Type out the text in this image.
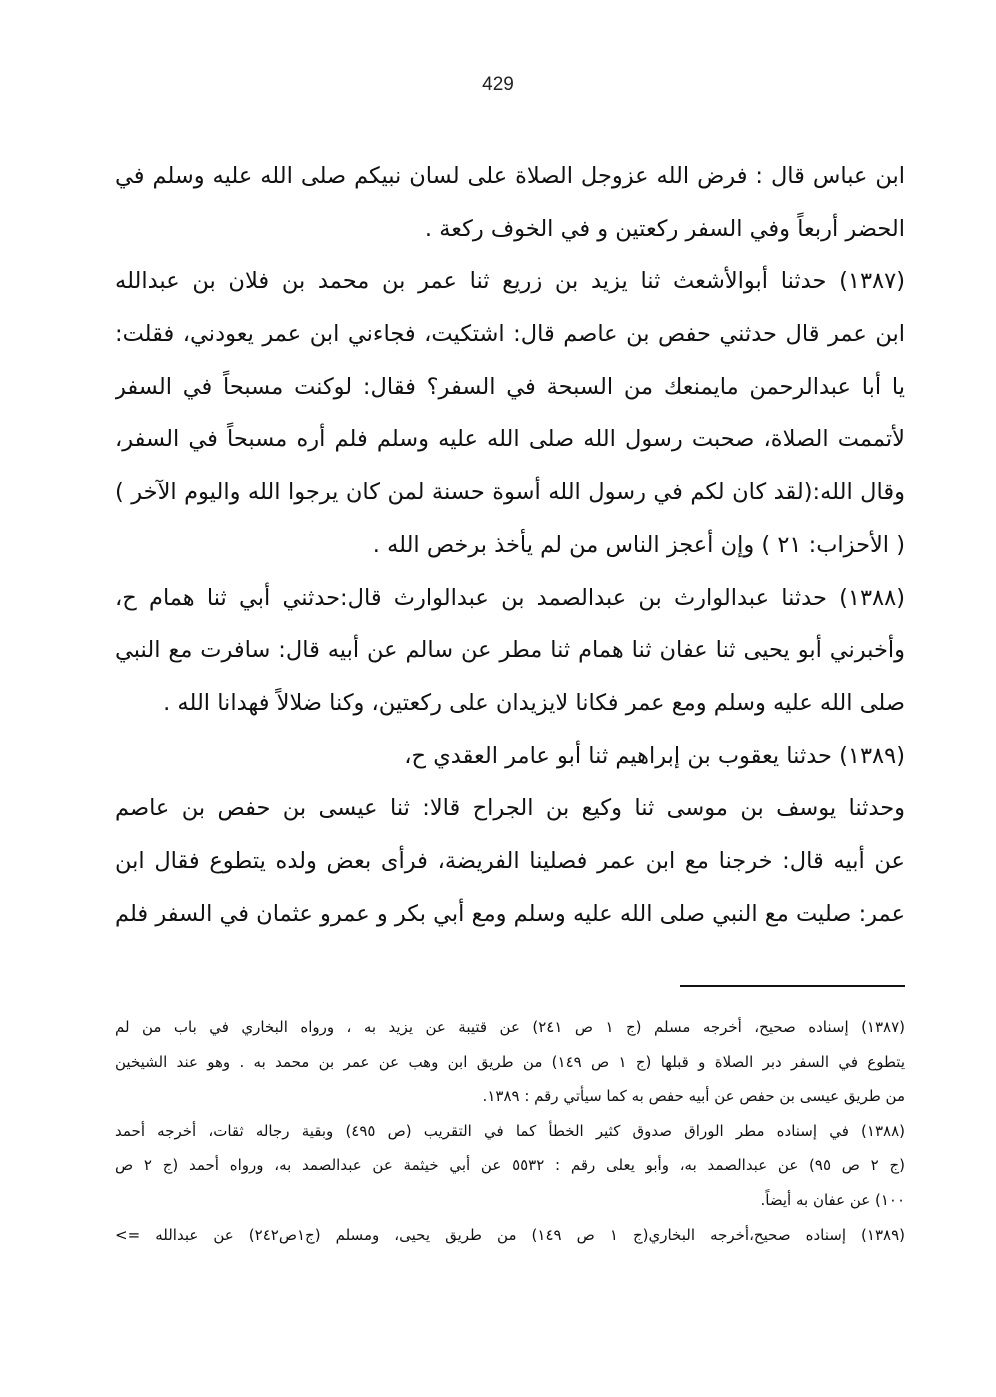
429
ابن عباس قال : فرض الله عزوجل الصلاة على لسان نبيكم صلى الله عليه وسلم في
الحضر أربعاً وفي السفر ركعتين و في الخوف ركعة .
(١٣٨٧) حدثنا أبوالأشعث ثنا يزيد بن زريع ثنا عمر بن محمد بن فلان بن عبدالله
ابن عمر قال حدثني حفص بن عاصم قال: اشتكيت، فجاءني ابن عمر يعودني، فقلت:
يا أبا عبدالرحمن مايمنعك من السبحة في السفر؟ فقال: لوكنت مسبحاً في السفر
لأتممت الصلاة، صحبت رسول الله صلى الله عليه وسلم فلم أره مسبحاً في السفر،
وقال الله:(لقد كان لكم في رسول الله أسوة حسنة لمن كان يرجوا الله واليوم الآخر )
( الأحزاب: ٢١ ) وإن أعجز الناس من لم يأخذ برخص الله .
(١٣٨٨) حدثنا عبدالوارث بن عبدالصمد بن عبدالوارث قال:حدثني أبي ثنا همام ح،
وأخبرني أبو يحيى ثنا عفان ثنا همام ثنا مطر عن سالم عن أبيه قال: سافرت مع النبي
صلى الله عليه وسلم ومع عمر فكانا لايزيدان على ركعتين، وكنا ضلالاً فهدانا الله .
(١٣٨٩) حدثنا يعقوب بن إبراهيم ثنا أبو عامر العقدي ح،
وحدثنا يوسف بن موسى ثنا وكيع بن الجراح قالا: ثنا عيسى بن حفص بن عاصم
عن أبيه قال: خرجنا مع ابن عمر فصلينا الفريضة، فرأى بعض ولده يتطوع فقال ابن
عمر: صليت مع النبي صلى الله عليه وسلم ومع أبي بكر و عمرو عثمان في السفر فلم
(١٣٨٧) إسناده صحيح، أخرجه مسلم (ج ١ ص ٢٤١) عن قتيبة عن يزيد به ، ورواه البخاري في باب من لم
يتطوع في السفر دبر الصلاة و قبلها (ج ١ ص ١٤٩) من طريق ابن وهب عن عمر بن محمد به . وهو عند الشيخين
من طريق عيسى بن حفص عن أبيه حفص به كما سيأتي رقم : ١٣٨٩.
(١٣٨٨) في إسناده مطر الوراق صدوق كثير الخطأ كما في التقريب (ص ٤٩٥) وبقية رجاله ثقات، أخرجه أحمد
(ج ٢ ص ٩٥) عن عبدالصمد به، وأبو يعلى رقم : ٥٥٣٢ عن أبي خيثمة عن عبدالصمد به، ورواه أحمد (ج ٢ ص
١٠٠) عن عفان به أيضاً.
(١٣٨٩) إسناده صحيح،أخرجه البخاري(ج ١ ص ١٤٩) من طريق يحيى، ومسلم (ج١ص٢٤٢) عن عبدالله =>
